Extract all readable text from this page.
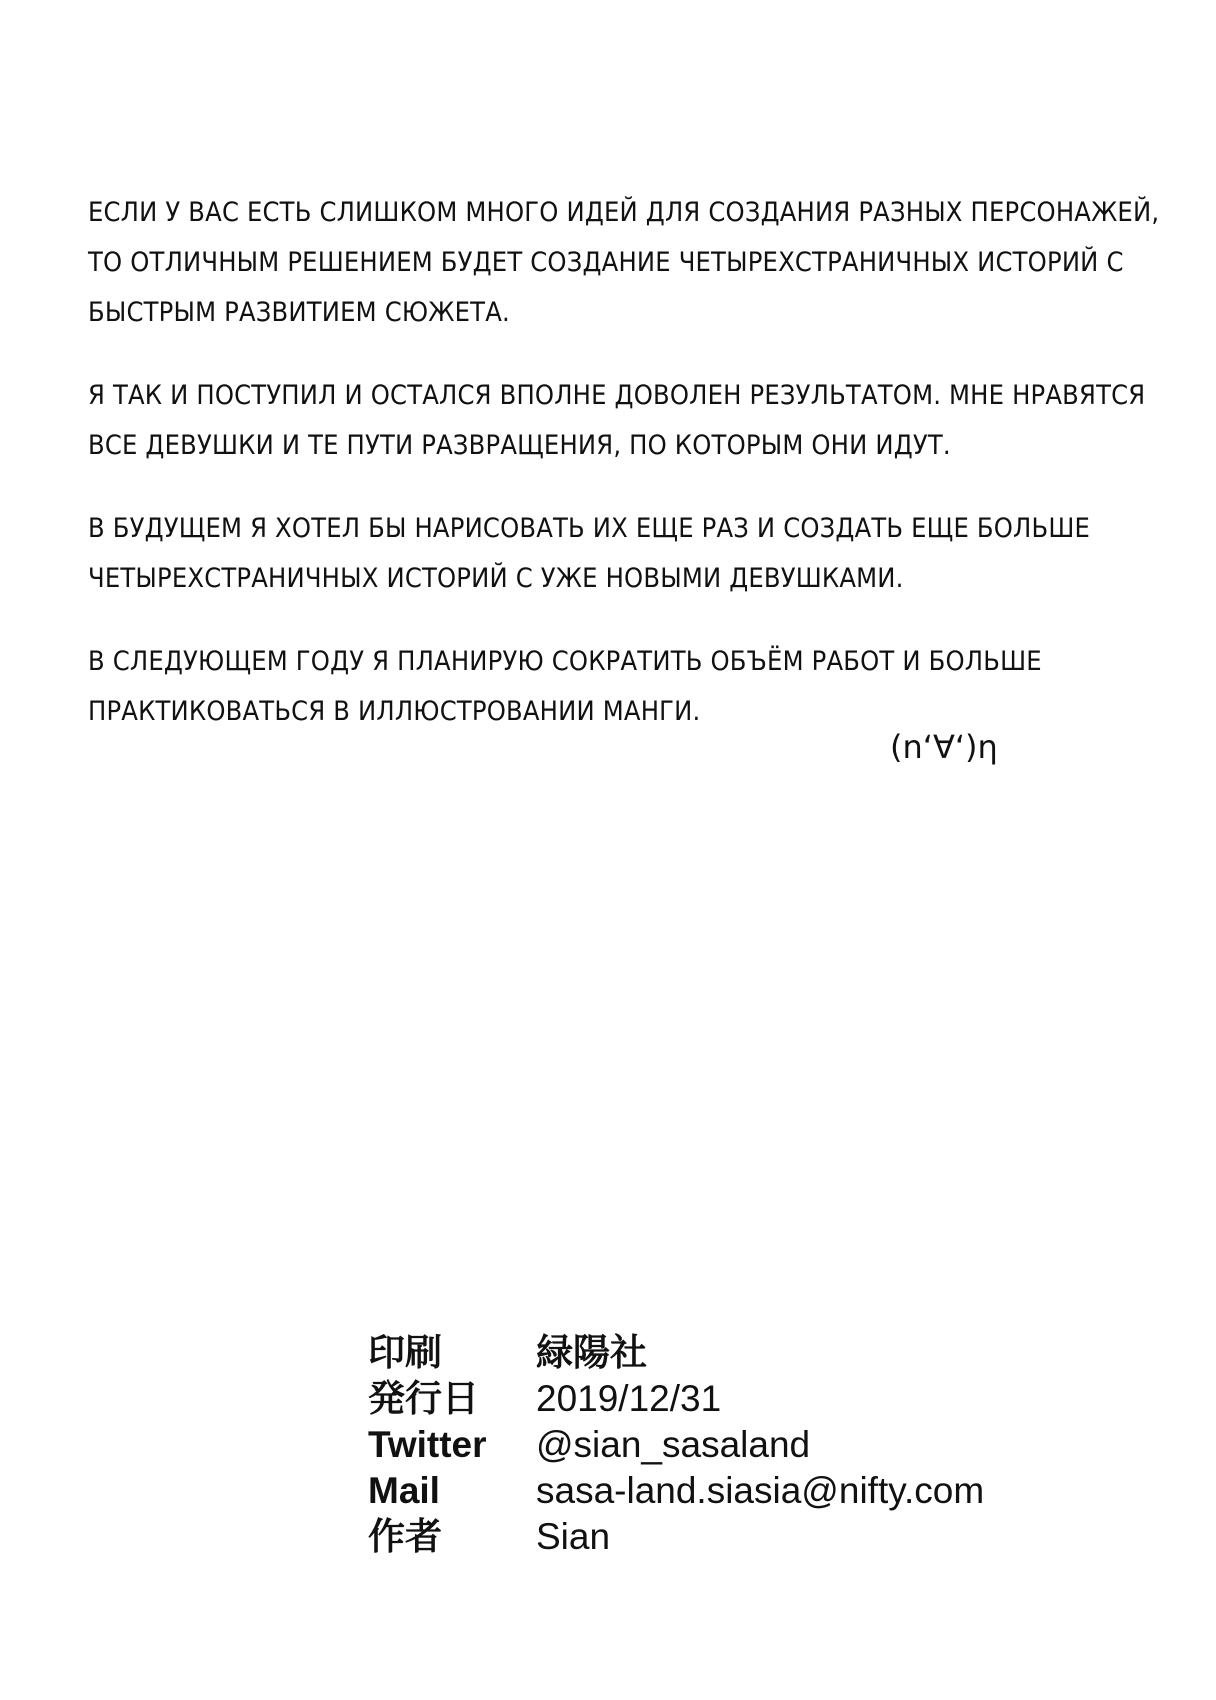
ЕСЛИ У ВАС ЕСТЬ СЛИШКОМ МНОГО ИДЕЙ ДЛЯ СОЗДАНИЯ РАЗНЫХ ПЕРСОНАЖЕЙ,
ТО ОТЛИЧНЫМ РЕШЕНИЕМ БУДЕТ СОЗДАНИЕ ЧЕТЫРЕХСТРАНИЧНЫХ ИСТОРИЙ С
БЫСТРЫМ РАЗВИТИЕМ СЮЖЕТА.
Я ТАК И ПОСТУПИЛ И ОСТАЛСЯ ВПОЛНЕ ДОВОЛЕН РЕЗУЛЬТАТОМ. МНЕ НРАВЯТСЯ
ВСЕ ДЕВУШКИ И ТЕ ПУТИ РАЗВРАЩЕНИЯ, ПО КОТОРЫМ ОНИ ИДУТ.
В БУДУЩЕМ Я ХОТЕЛ БЫ НАРИСОВАТЬ ИХ ЕЩЕ РАЗ И СОЗДАТЬ ЕЩЕ БОЛЬШЕ
ЧЕТЫРЕХСТРАНИЧНЫХ ИСТОРИЙ С УЖЕ НОВЫМИ ДЕВУШКАМИ.
В СЛЕДУЮЩЕМ ГОДУ Я ПЛАНИРУЮ СОКРАТИТЬ ОБЪЁМ РАБОТ И БОЛЬШЕ
ПРАКТИКОВАТЬСЯ В ИЛЛЮСТРОВАНИИ МАНГИ.
(n‘∀‘)η
印刷	緑陽社
発行日	2019/12/31
Twitter	@sian_sasaland
Mail	sasa-land.siasia@nifty.com
作者	Sian
